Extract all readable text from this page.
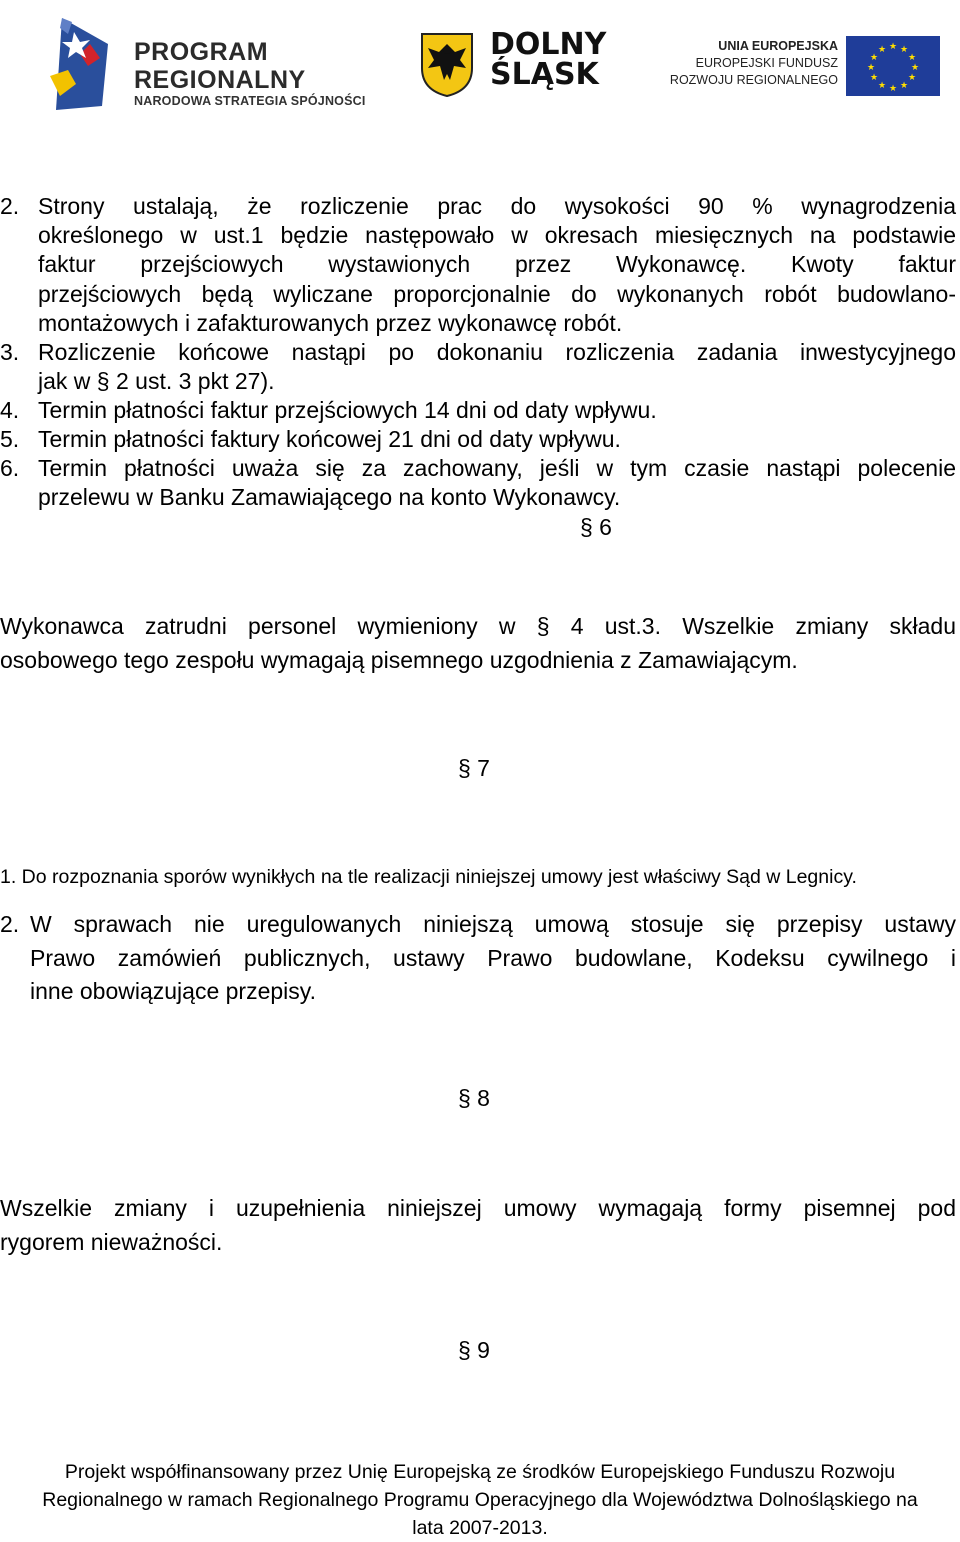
PROGRAM
REGIONALNY
NARODOWA STRATEGIA SPÓJNOŚCI
DOLNY
ŚLĄSK
UNIA EUROPEJSKA
EUROPEJSKI FUNDUSZ
ROZWOJU REGIONALNEGO
★ ★
★
★
★
★
★
★
★
★
★
★
2. Strony ustalają, że rozliczenie prac do wysokości 90 % wynagrodzenia
określonego w ust.1 będzie następowało w okresach miesięcznych na podstawie
faktur przejściowych wystawionych przez Wykonawcę. Kwoty faktur
przejściowych będą wyliczane proporcjonalnie do wykonanych robót budowlano-
montażowych i zafakturowanych przez wykonawcę robót.
3. Rozliczenie końcowe nastąpi po dokonaniu rozliczenia zadania inwestycyjnego
jak w § 2 ust. 3 pkt 27).
4. Termin płatności faktur przejściowych 14 dni od daty wpływu.
5. Termin płatności faktury końcowej 21 dni od daty wpływu.
6. Termin płatności uważa się za zachowany, jeśli w tym czasie nastąpi polecenie
przelewu w Banku Zamawiającego na konto Wykonawcy.
§ 6
Wykonawca zatrudni personel wymieniony w § 4 ust.3. Wszelkie zmiany składu
osobowego tego zespołu wymagają pisemnego uzgodnienia z Zamawiającym.
§ 7
1. Do rozpoznania sporów wynikłych na tle realizacji niniejszej umowy jest właściwy Sąd w Legnicy.
2. W sprawach nie uregulowanych niniejszą umową stosuje się przepisy ustawy
Prawo zamówień publicznych, ustawy Prawo budowlane, Kodeksu cywilnego i
inne obowiązujące przepisy.
§ 8
Wszelkie zmiany i uzupełnienia niniejszej umowy wymagają formy pisemnej pod
rygorem nieważności.
§ 9
Projekt współfinansowany przez Unię Europejską ze środków Europejskiego Funduszu Rozwoju
Regionalnego w ramach Regionalnego Programu Operacyjnego dla Województwa Dolnośląskiego na
lata 2007-2013.
